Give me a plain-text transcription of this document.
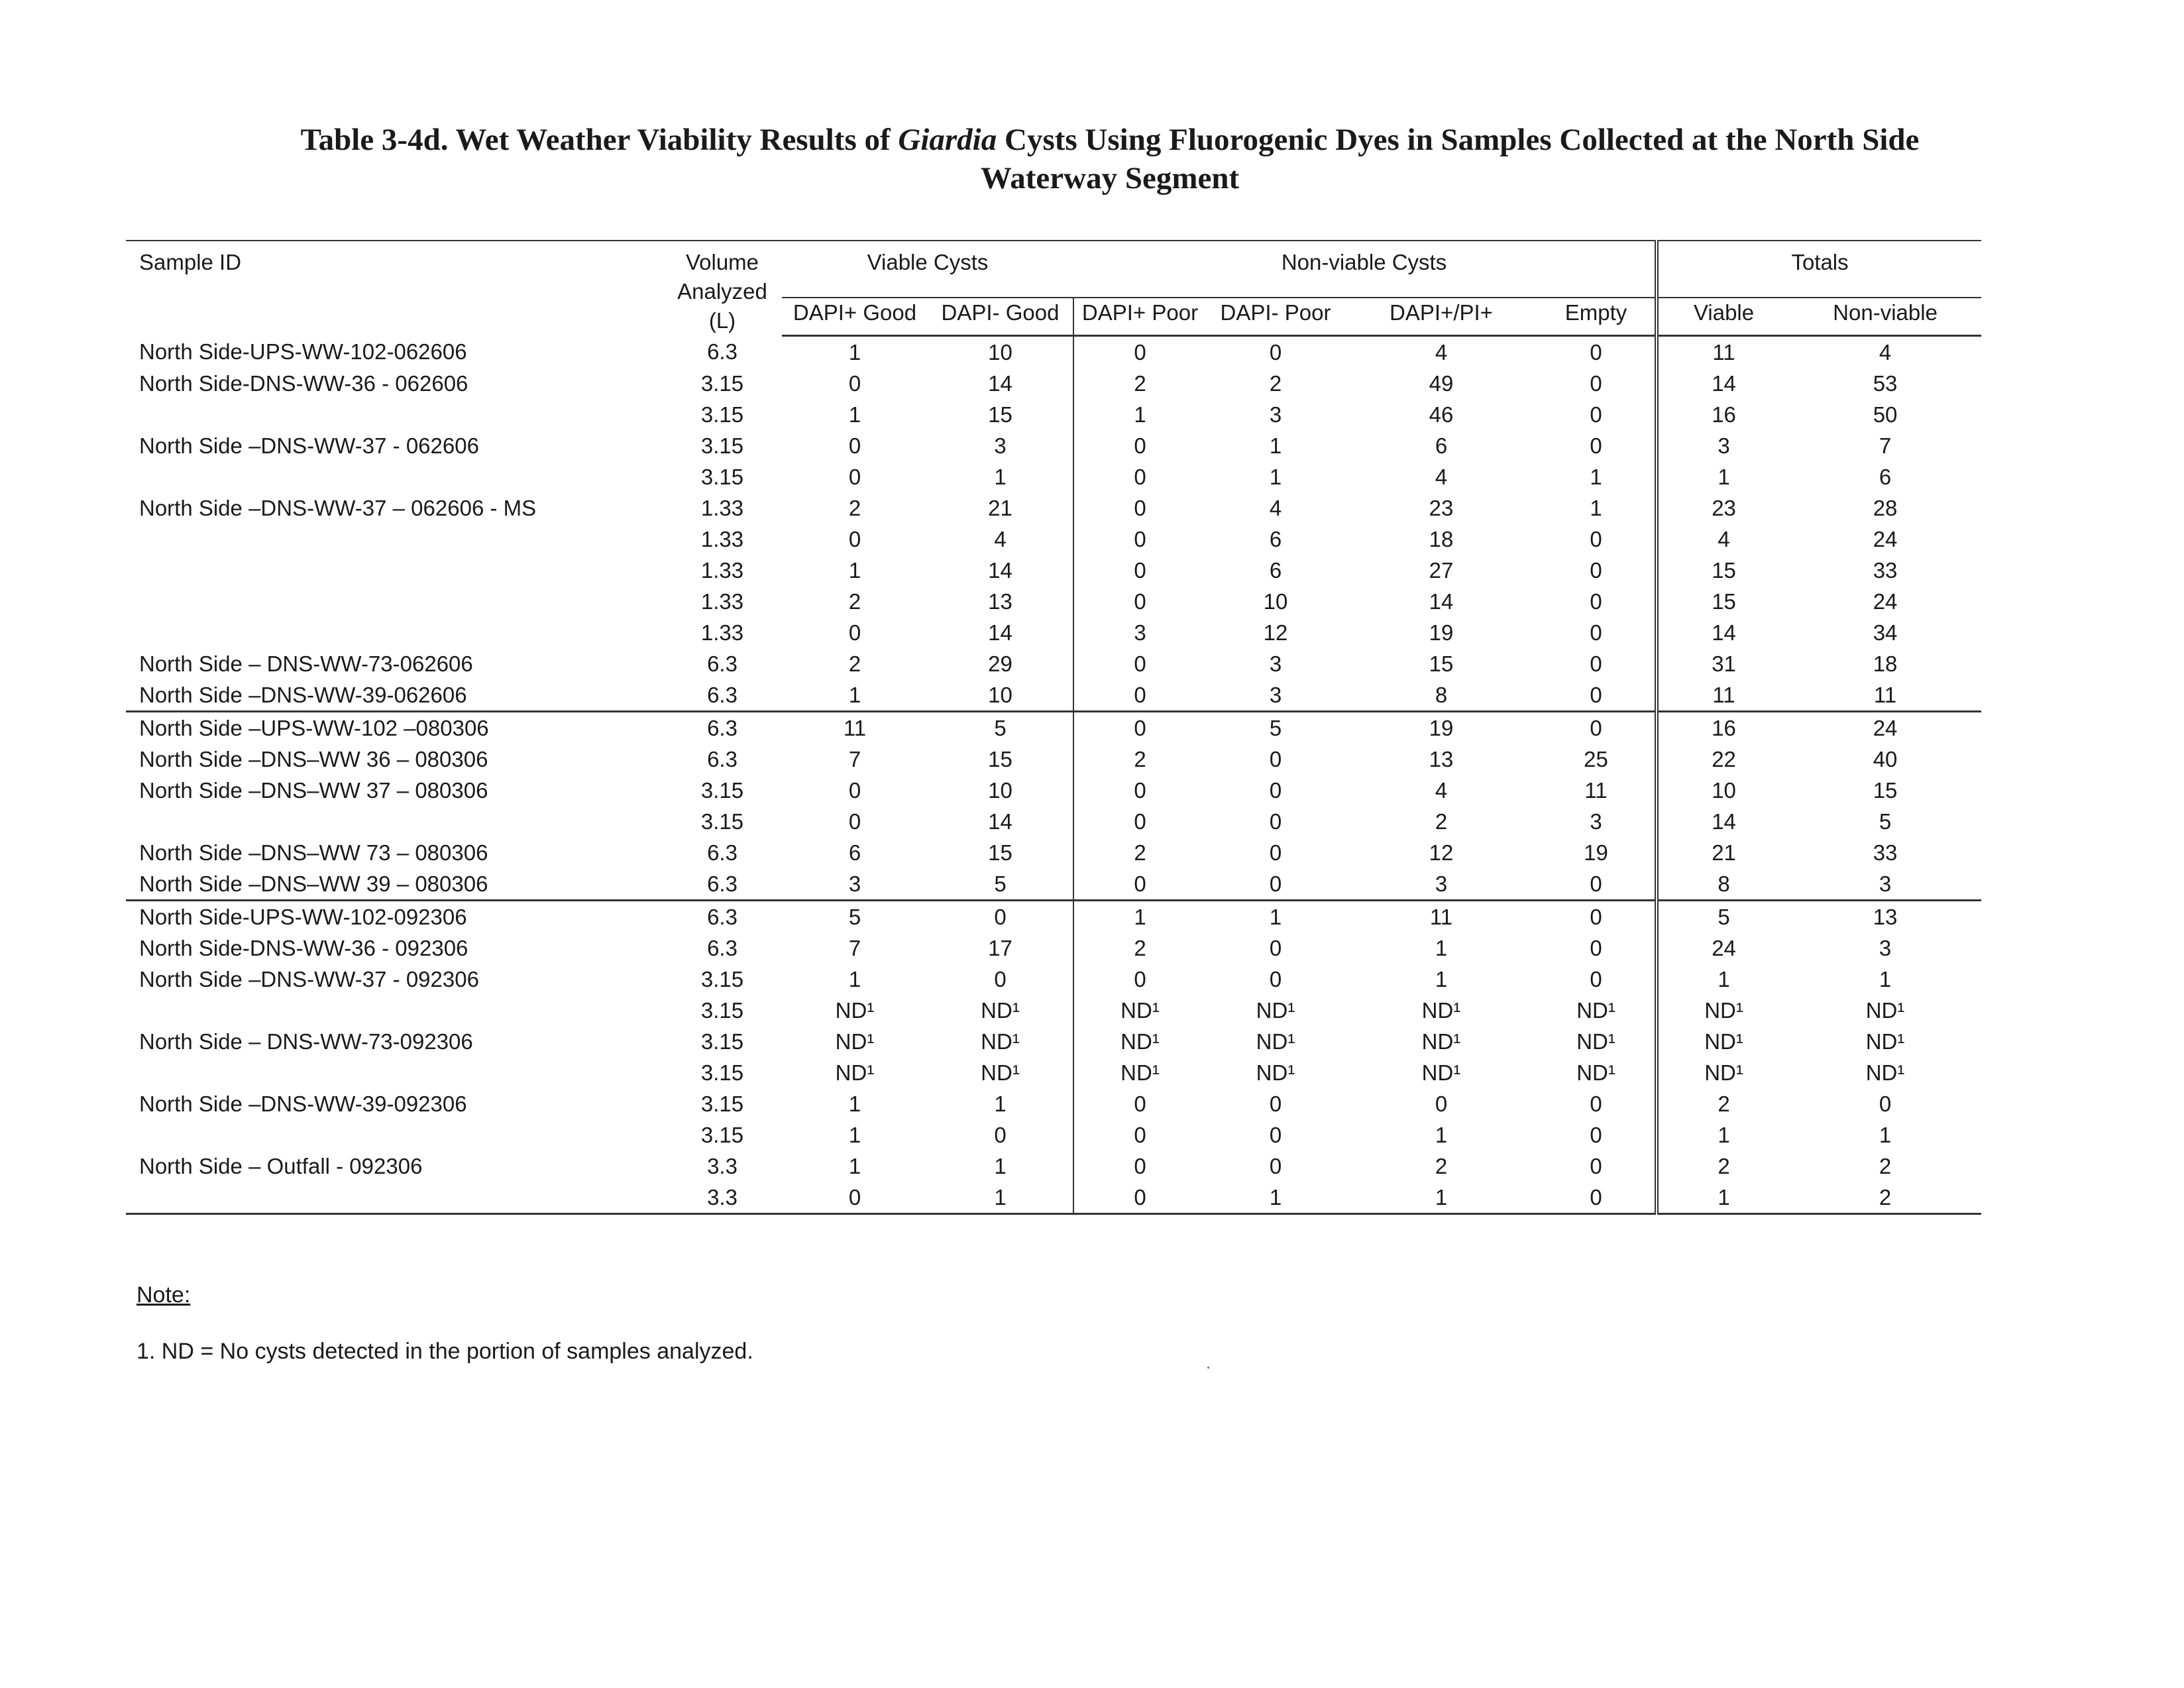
Table 3-4d. Wet Weather Viability Results of Giardia Cysts Using Fluorogenic Dyes in Samples Collected at the North Side
Waterway Segment
Sample ID	Volume Analyzed (L)	Viable Cysts		Non-viable Cysts				Totals	
		DAPI+ Good	DAPI- Good	DAPI+ Poor	DAPI- Poor	DAPI+/PI+	Empty	Viable	Non-viable
North Side-UPS-WW-102-062606	6.3	1	10	0	0	4	0	11	4
North Side-DNS-WW-36 - 062606	3.15	0	14	2	2	49	0	14	53
	3.15	1	15	1	3	46	0	16	50
North Side –DNS-WW-37 - 062606	3.15	0	3	0	1	6	0	3	7
	3.15	0	1	0	1	4	1	1	6
North Side –DNS-WW-37 – 062606 - MS	1.33	2	21	0	4	23	1	23	28
	1.33	0	4	0	6	18	0	4	24
	1.33	1	14	0	6	27	0	15	33
	1.33	2	13	0	10	14	0	15	24
	1.33	0	14	3	12	19	0	14	34
North Side – DNS-WW-73-062606	6.3	2	29	0	3	15	0	31	18
North Side –DNS-WW-39-062606	6.3	1	10	0	3	8	0	11	11
North Side –UPS-WW-102 –080306	6.3	11	5	0	5	19	0	16	24
North Side –DNS–WW 36 – 080306	6.3	7	15	2	0	13	25	22	40
North Side –DNS–WW 37 – 080306	3.15	0	10	0	0	4	11	10	15
	3.15	0	14	0	0	2	3	14	5
North Side –DNS–WW 73 – 080306	6.3	6	15	2	0	12	19	21	33
North Side –DNS–WW 39 – 080306	6.3	3	5	0	0	3	0	8	3
North Side-UPS-WW-102-092306	6.3	5	0	1	1	11	0	5	13
North Side-DNS-WW-36 - 092306	6.3	7	17	2	0	1	0	24	3
North Side –DNS-WW-37 - 092306	3.15	1	0	0	0	1	0	1	1
	3.15	ND¹	ND¹	ND¹	ND¹	ND¹	ND¹	ND¹	ND¹
North Side – DNS-WW-73-092306	3.15	ND¹	ND¹	ND¹	ND¹	ND¹	ND¹	ND¹	ND¹
	3.15	ND¹	ND¹	ND¹	ND¹	ND¹	ND¹	ND¹	ND¹
North Side –DNS-WW-39-092306	3.15	1	1	0	0	0	0	2	0
	3.15	1	0	0	0	1	0	1	1
North Side – Outfall - 092306	3.3	1	1	0	0	2	0	2	2
	3.3	0	1	0	1	1	0	1	2

Note:

1. ND = No cysts detected in the portion of samples analyzed.
